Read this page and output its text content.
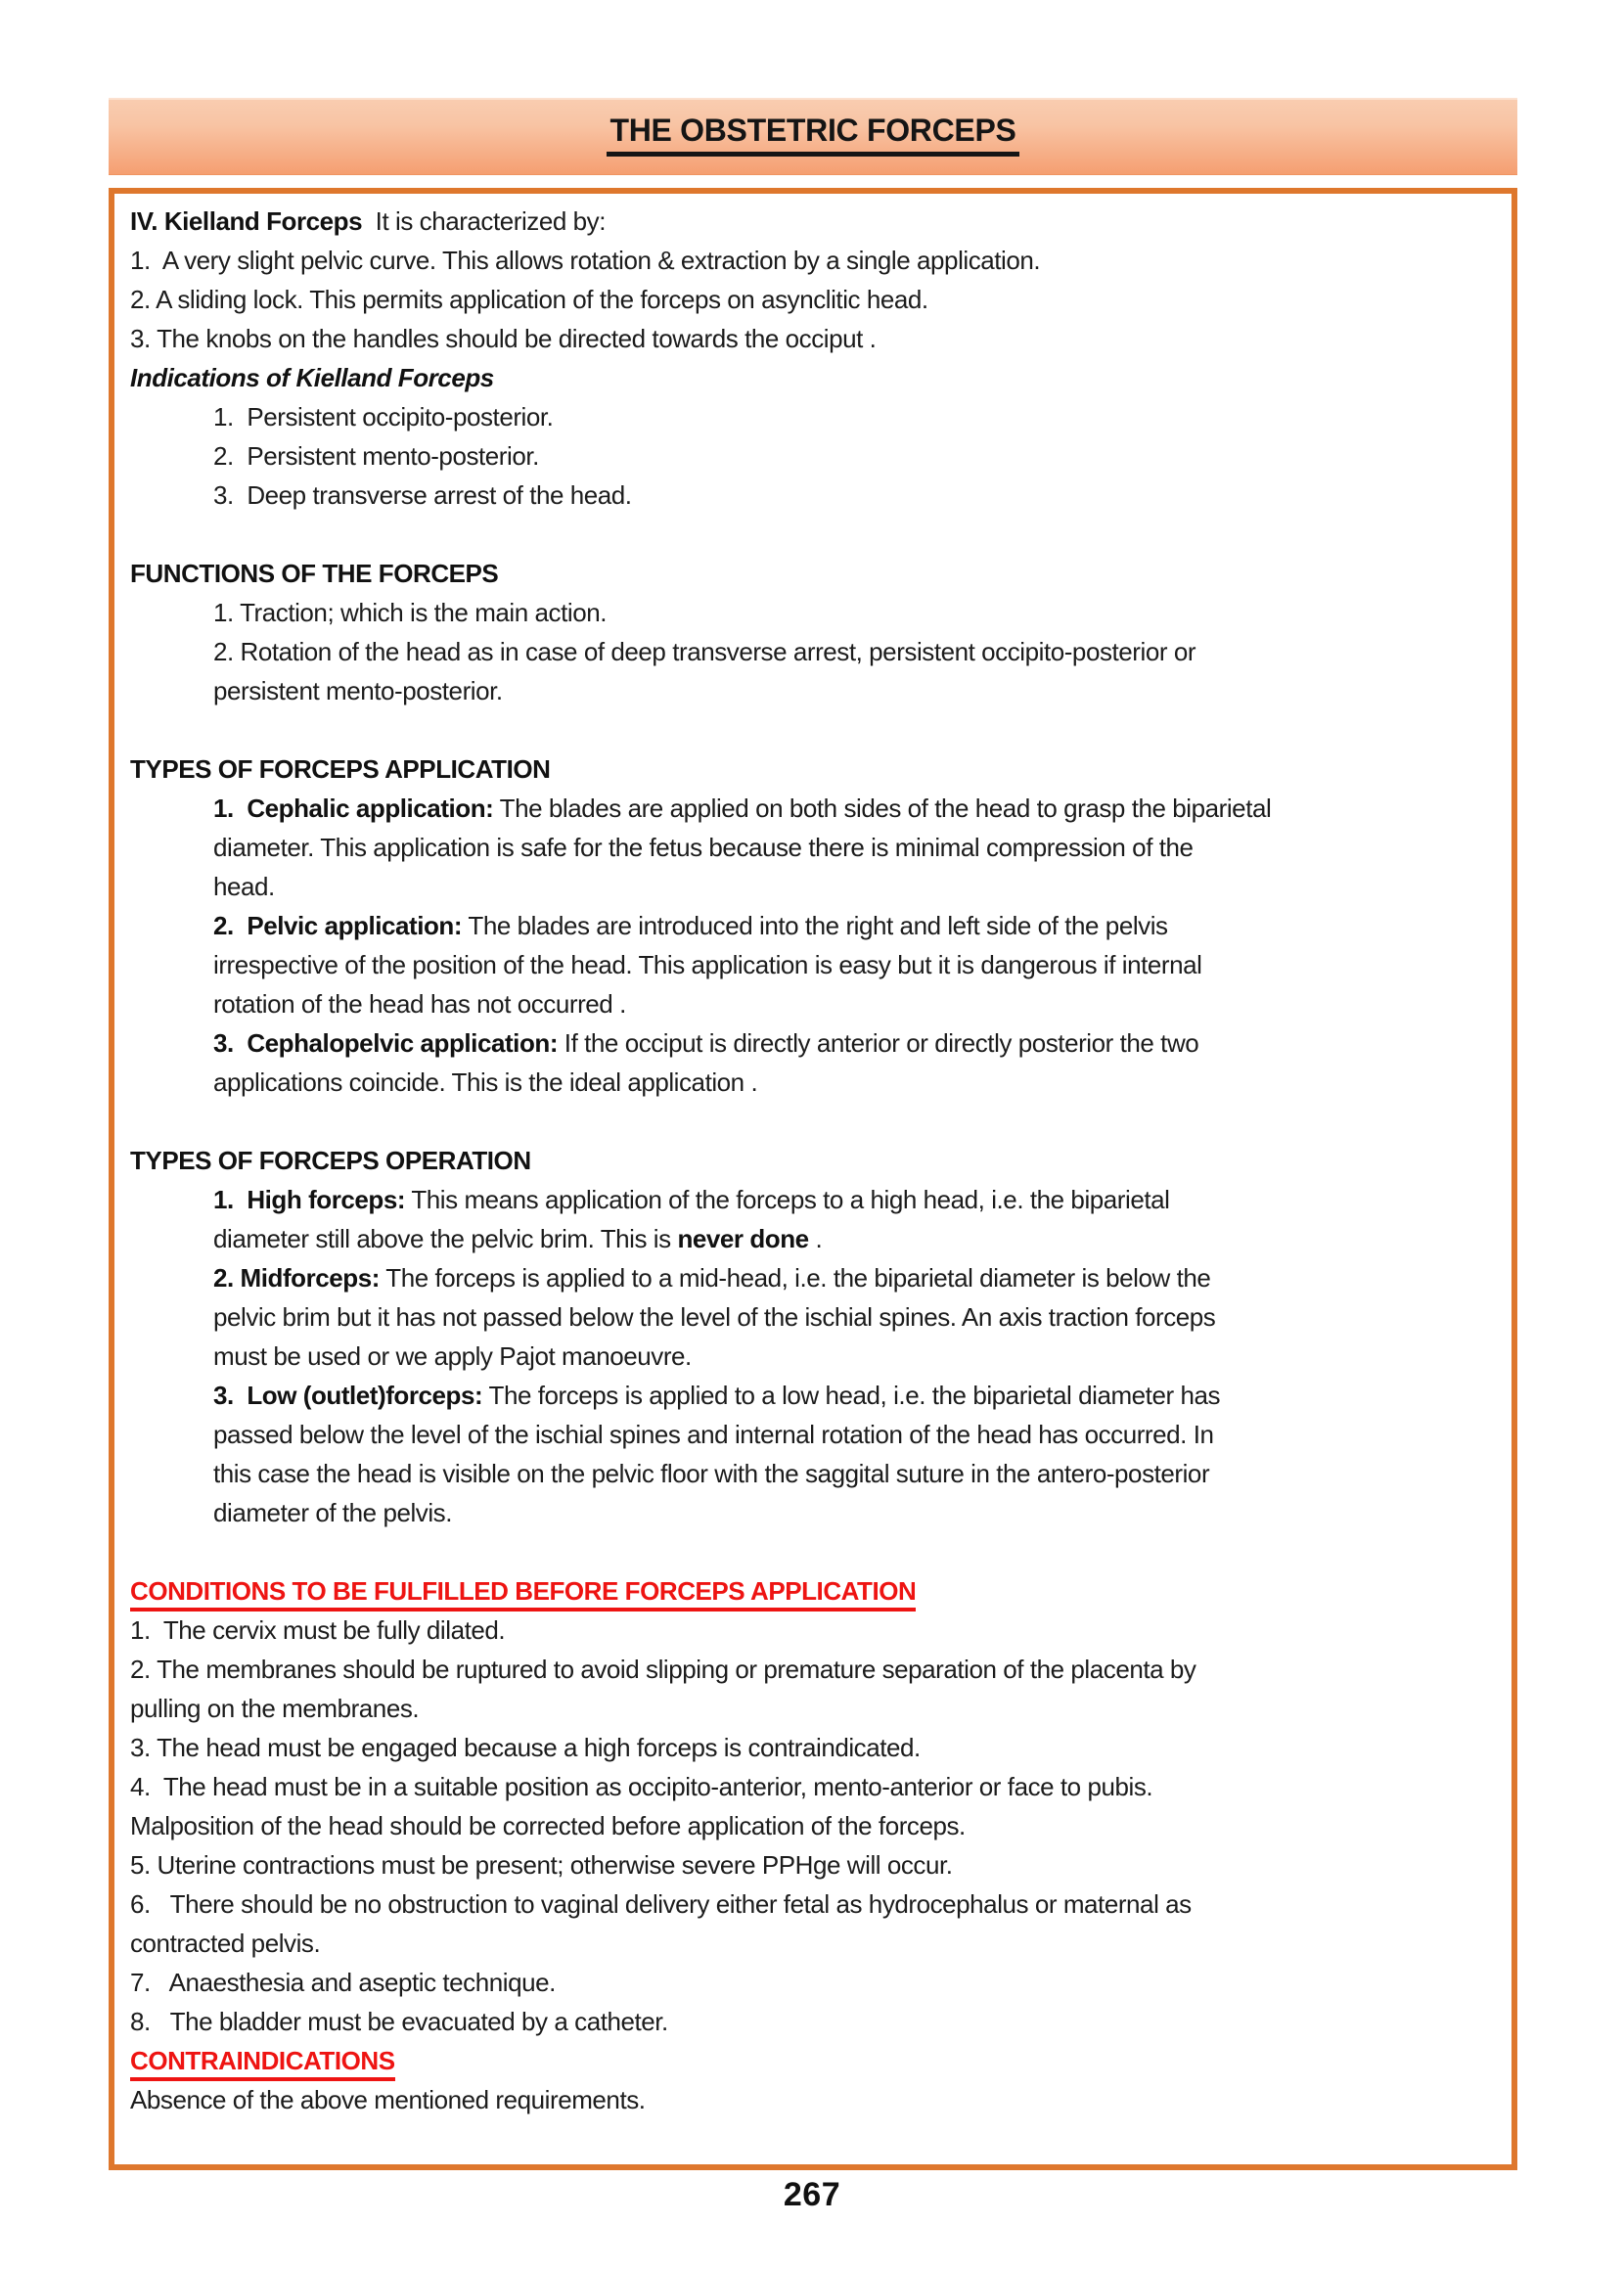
THE OBSTETRIC FORCEPS
IV. Kielland Forceps  It is characterized by:
1.  A very slight pelvic curve. This allows rotation & extraction by a single application.
2. A sliding lock. This permits application of the forceps on asynclitic head.
3. The knobs on the handles should be directed towards the occiput .
Indications of Kielland Forceps
1.  Persistent occipito-posterior.
2.  Persistent mento-posterior.
3.  Deep transverse arrest of the head.
FUNCTIONS OF THE FORCEPS
1. Traction; which is the main action.
2. Rotation of the head as in case of deep transverse arrest, persistent occipito-posterior or
persistent mento-posterior.
TYPES OF FORCEPS APPLICATION
1.  Cephalic application: The blades are applied on both sides of the head to grasp the biparietal
diameter. This application is safe for the fetus because there is minimal compression of the
head.
2.  Pelvic application: The blades are introduced into the right and left side of the pelvis
irrespective of the position of the head. This application is easy but it is dangerous if internal
rotation of the head has not occurred .
3.  Cephalopelvic application: If the occiput is directly anterior or directly posterior the two
applications coincide. This is the ideal application .
TYPES OF FORCEPS OPERATION
1.  High forceps: This means application of the forceps to a high head, i.e. the biparietal
diameter still above the pelvic brim. This is never done .
2. Midforceps: The forceps is applied to a mid-head, i.e. the biparietal diameter is below the
pelvic brim but it has not passed below the level of the ischial spines. An axis traction forceps
must be used or we apply Pajot manoeuvre.
3.  Low (outlet)forceps: The forceps is applied to a low head, i.e. the biparietal diameter has
passed below the level of the ischial spines and internal rotation of the head has occurred. In
this case the head is visible on the pelvic floor with the saggital suture in the antero-posterior
diameter of the pelvis.
CONDITIONS TO BE FULFILLED BEFORE FORCEPS APPLICATION
1.  The cervix must be fully dilated.
2. The membranes should be ruptured to avoid slipping or premature separation of the placenta by
pulling on the membranes.
3. The head must be engaged because a high forceps is contraindicated.
4.  The head must be in a suitable position as occipito-anterior, mento-anterior or face to pubis.
Malposition of the head should be corrected before application of the forceps.
5. Uterine contractions must be present; otherwise severe PPHge will occur.
6.   There should be no obstruction to vaginal delivery either fetal as hydrocephalus or maternal as
contracted pelvis.
7.   Anaesthesia and aseptic technique.
8.   The bladder must be evacuated by a catheter.
CONTRAINDICATIONS
Absence of the above mentioned requirements.
267
